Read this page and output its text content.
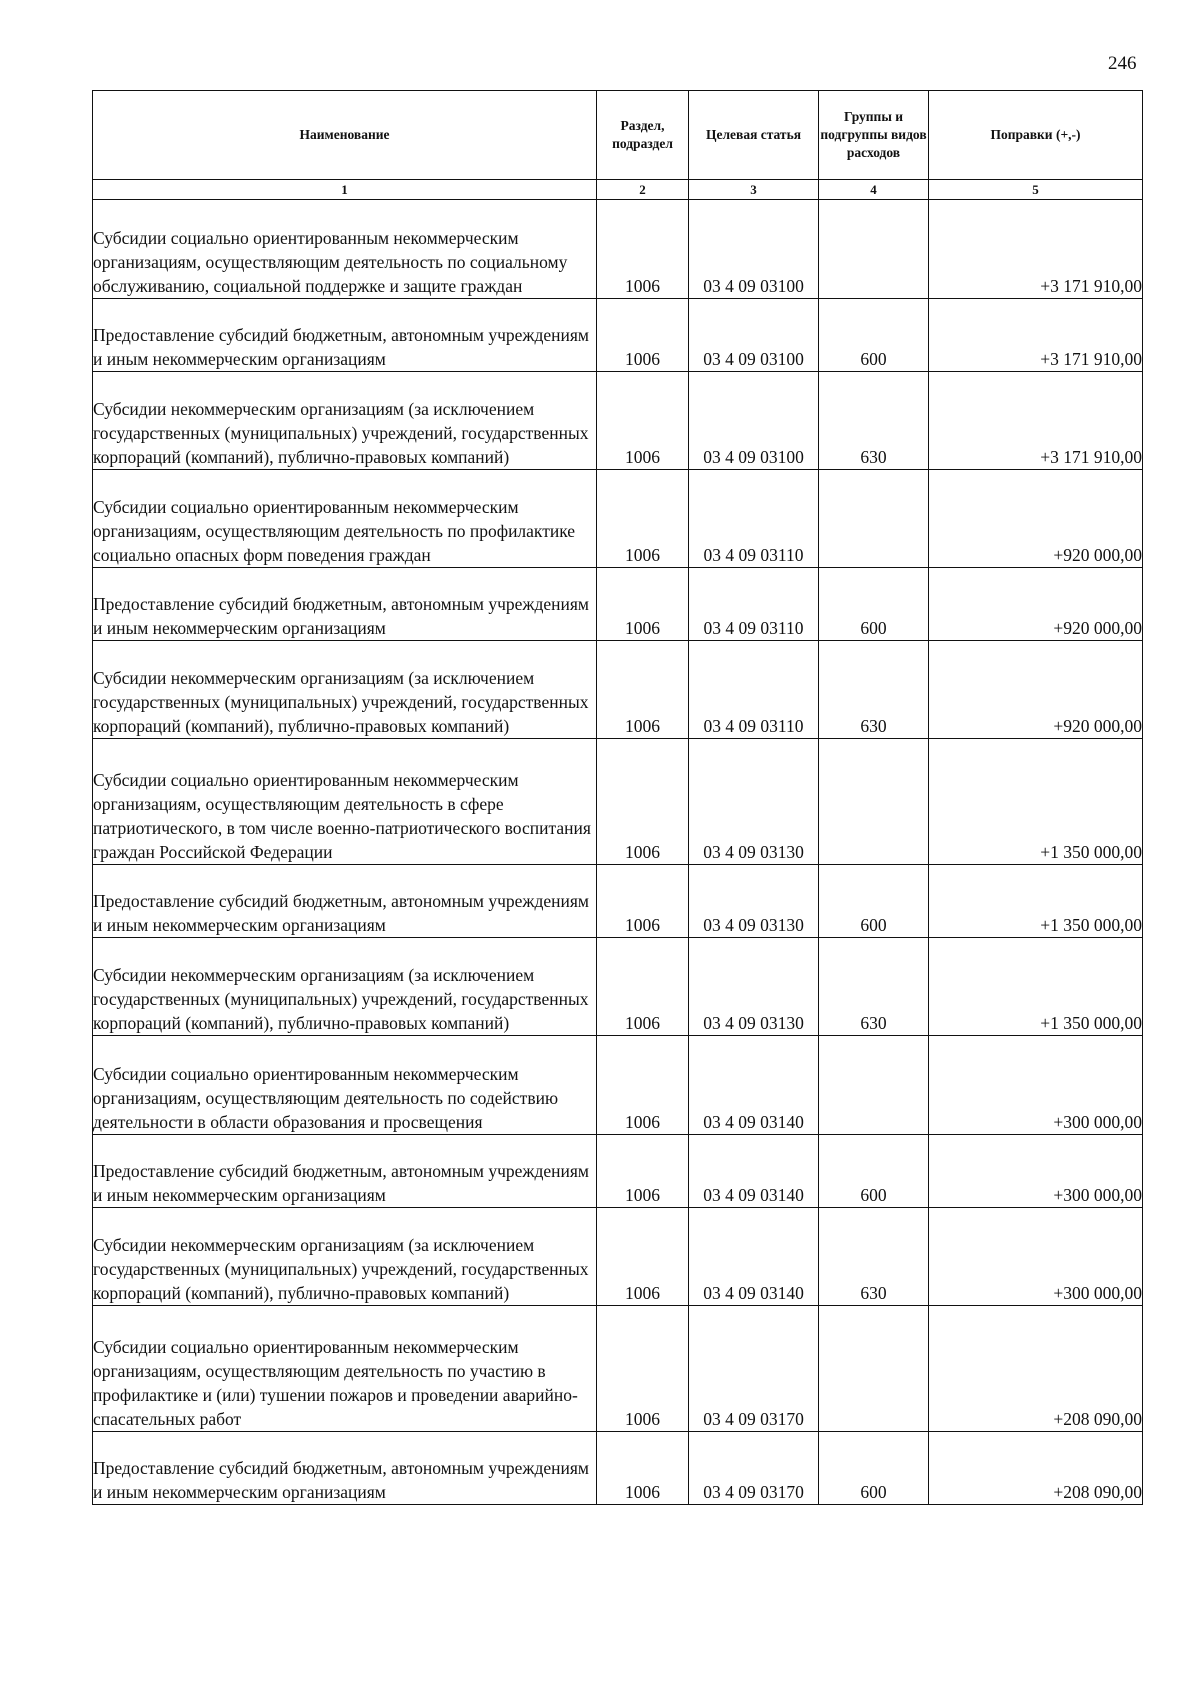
246
Наименование	Раздел, подраздел	Целевая статья	Группы и подгруппы видов расходов	Поправки (+,-)
1	2	3	4	5
Субсидии социально ориентированным некоммерческим организациям, осуществляющим деятельность по социальному обслуживанию, социальной поддержке и защите граждан	1006	03 4 09 03100		+3 171 910,00
Предоставление субсидий бюджетным, автономным учреждениям и иным некоммерческим организациям	1006	03 4 09 03100	600	+3 171 910,00
Субсидии некоммерческим организациям (за исключением государственных (муниципальных) учреждений, государственных корпораций (компаний), публично-правовых компаний)	1006	03 4 09 03100	630	+3 171 910,00
Субсидии социально ориентированным некоммерческим организациям, осуществляющим деятельность по профилактике социально опасных форм поведения граждан	1006	03 4 09 03110		+920 000,00
Предоставление субсидий бюджетным, автономным учреждениям и иным некоммерческим организациям	1006	03 4 09 03110	600	+920 000,00
Субсидии некоммерческим организациям (за исключением государственных (муниципальных) учреждений, государственных корпораций (компаний), публично-правовых компаний)	1006	03 4 09 03110	630	+920 000,00
Субсидии социально ориентированным некоммерческим организациям, осуществляющим деятельность в сфере патриотического, в том числе военно-патриотического воспитания граждан Российской Федерации	1006	03 4 09 03130		+1 350 000,00
Предоставление субсидий бюджетным, автономным учреждениям и иным некоммерческим организациям	1006	03 4 09 03130	600	+1 350 000,00
Субсидии некоммерческим организациям (за исключением государственных (муниципальных) учреждений, государственных корпораций (компаний), публично-правовых компаний)	1006	03 4 09 03130	630	+1 350 000,00
Субсидии социально ориентированным некоммерческим организациям, осуществляющим деятельность по содействию деятельности в области образования и просвещения	1006	03 4 09 03140		+300 000,00
Предоставление субсидий бюджетным, автономным учреждениям и иным некоммерческим организациям	1006	03 4 09 03140	600	+300 000,00
Субсидии некоммерческим организациям (за исключением государственных (муниципальных) учреждений, государственных корпораций (компаний), публично-правовых компаний)	1006	03 4 09 03140	630	+300 000,00
Субсидии социально ориентированным некоммерческим организациям, осуществляющим деятельность по участию в профилактике и (или) тушении пожаров и проведении аварийно-спасательных работ	1006	03 4 09 03170		+208 090,00
Предоставление субсидий бюджетным, автономным учреждениям и иным некоммерческим организациям	1006	03 4 09 03170	600	+208 090,00
